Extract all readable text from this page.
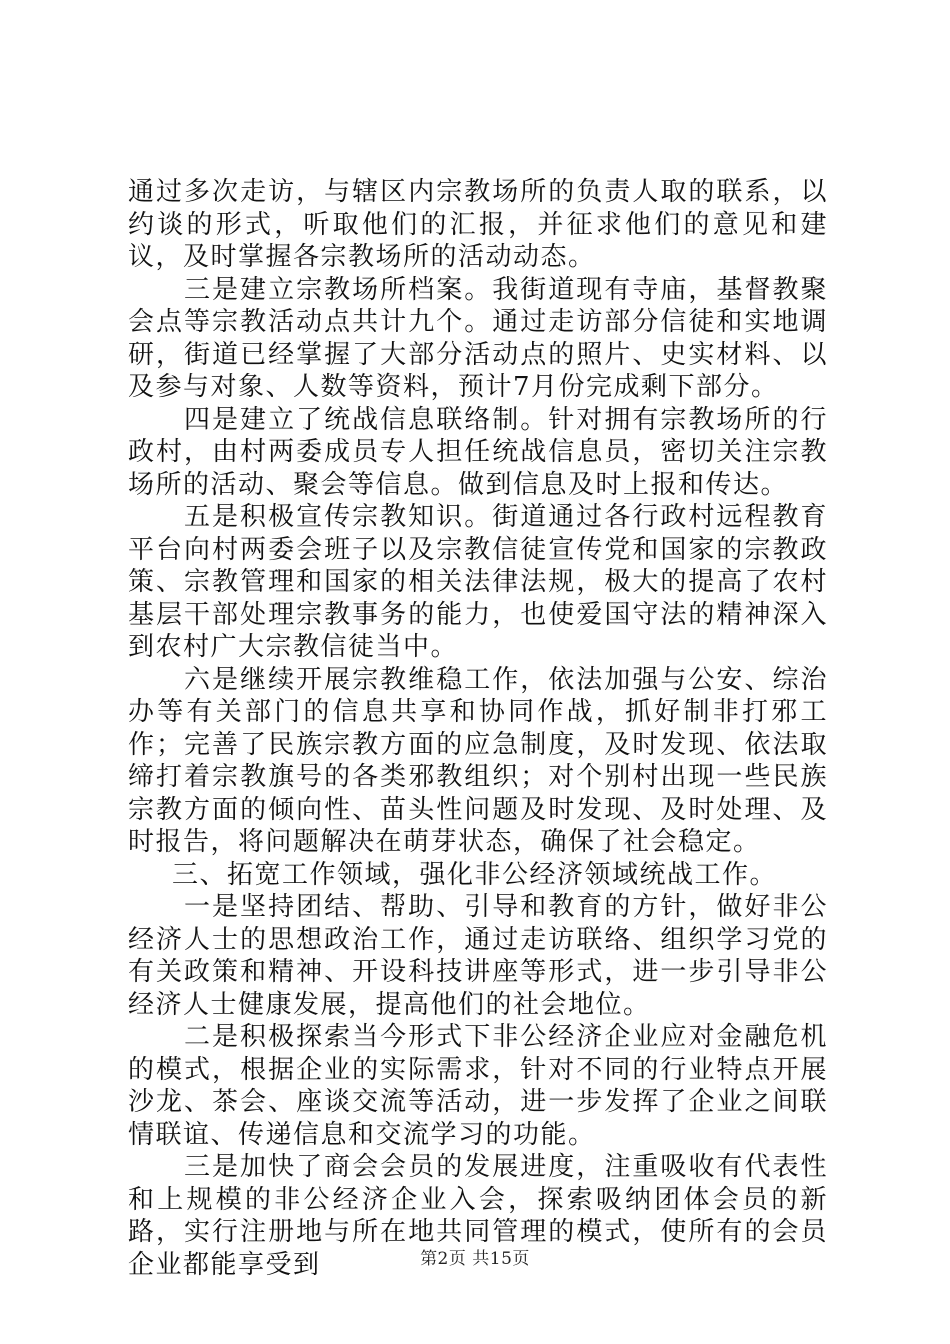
通过多次走访，与辖区内宗教场所的负责人取的联系，以约谈的形式，听取他们的汇报，并征求他们的意见和建议，及时掌握各宗教场所的活动动态。

三是建立宗教场所档案。我街道现有寺庙，基督教聚会点等宗教活动点共计九个。通过走访部分信徒和实地调研，街道已经掌握了大部分活动点的照片、史实材料、以及参与对象、人数等资料，预计7月份完成剩下部分。

四是建立了统战信息联络制。针对拥有宗教场所的行政村，由村两委成员专人担任统战信息员，密切关注宗教场所的活动、聚会等信息。做到信息及时上报和传达。

五是积极宣传宗教知识。街道通过各行政村远程教育平台向村两委会班子以及宗教信徒宣传党和国家的宗教政策、宗教管理和国家的相关法律法规，极大的提高了农村基层干部处理宗教事务的能力，也使爱国守法的精神深入到农村广大宗教信徒当中。

六是继续开展宗教维稳工作，依法加强与公安、综治办等有关部门的信息共享和协同作战，抓好制非打邪工作；完善了民族宗教方面的应急制度，及时发现、依法取缔打着宗教旗号的各类邪教组织；对个别村出现一些民族宗教方面的倾向性、苗头性问题及时发现、及时处理、及时报告，将问题解决在萌芽状态，确保了社会稳定。

三、拓宽工作领域，强化非公经济领域统战工作。

一是坚持团结、帮助、引导和教育的方针，做好非公经济人士的思想政治工作，通过走访联络、组织学习党的有关政策和精神、开设科技讲座等形式，进一步引导非公经济人士健康发展，提高他们的社会地位。

二是积极探索当今形式下非公经济企业应对金融危机的模式，根据企业的实际需求，针对不同的行业特点开展沙龙、茶会、座谈交流等活动，进一步发挥了企业之间联情联谊、传递信息和交流学习的功能。

三是加快了商会会员的发展进度，注重吸收有代表性和上规模的非公经济企业入会，探索吸纳团体会员的新路，实行注册地与所在地共同管理的模式，使所有的会员企业都能享受到	第2页 共15页
